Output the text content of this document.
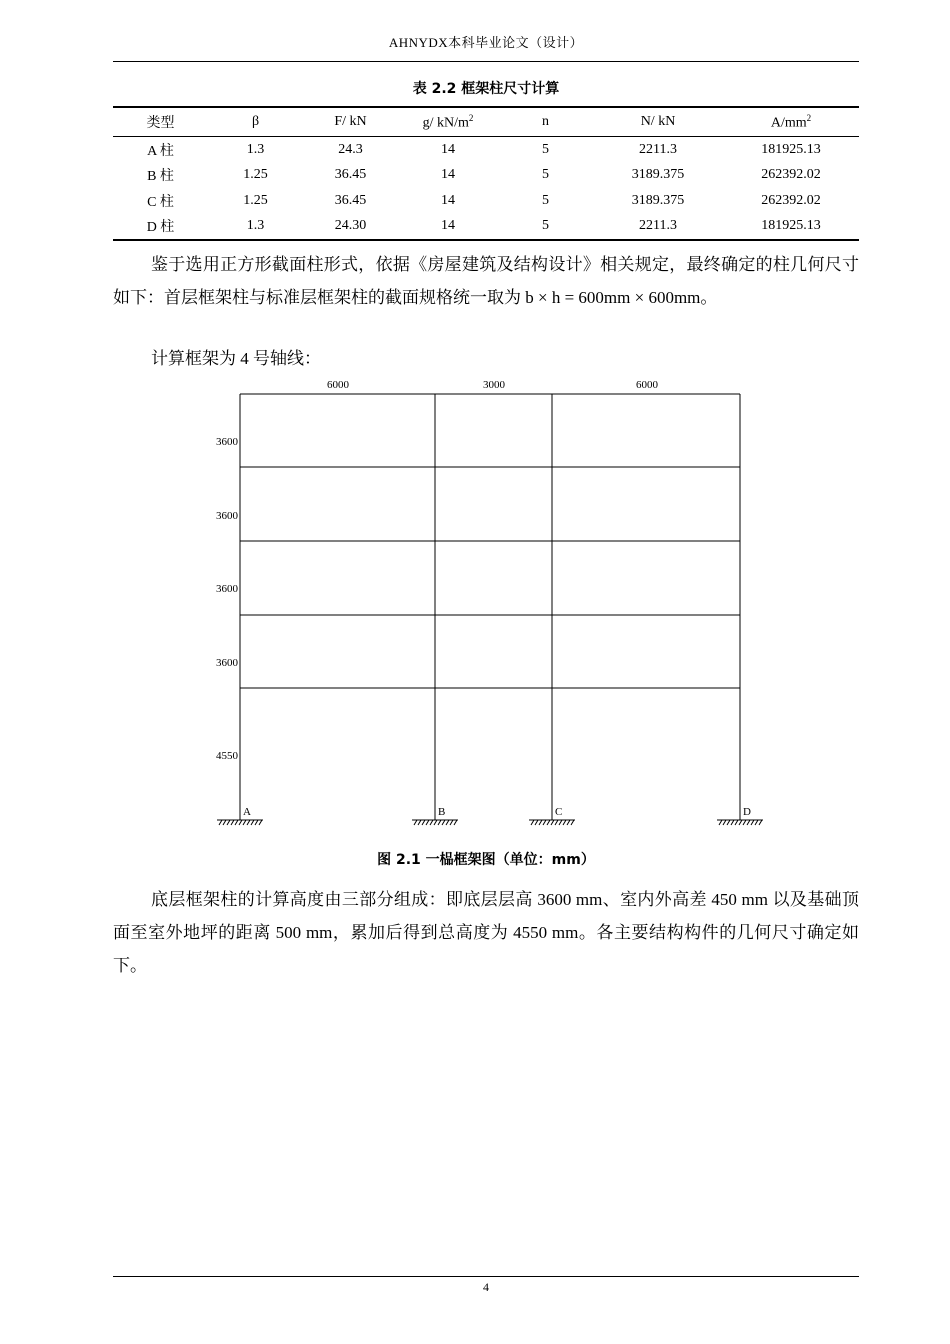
AHNYDX本科毕业论文（设计）
表 2.2 框架柱尺寸计算
类型	β	F/ kN	g/ $kN/m^2$	n	N/ kN	$A/mm^2$
A 柱	1.3	24.3	14	5	2211.3	181925.13
B 柱	1.25	36.45	14	5	3189.375	262392.02
C 柱	1.25	36.45	14	5	3189.375	262392.02
D 柱	1.3	24.30	14	5	2211.3	181925.13

鉴于选用正方形截面柱形式，依据《房屋建筑及结构设计》相关规定，最终确定的柱几何尺寸如下：首层框架柱与标准层框架柱的截面规格统一取为 b × h = 600mm × 600mm。

计算框架为 4 号轴线：

6000	3000	6000
3600
3600
3600
3600
4550
A	B	C	D
图 2.1 一榀框架图（单位：mm）

底层框架柱的计算高度由三部分组成：即底层层高 3600 mm、室内外高差 450 mm 以及基础顶面至室外地坪的距离 500 mm，累加后得到总高度为 4550 mm。各主要结构构件的几何尺寸确定如下。

4
